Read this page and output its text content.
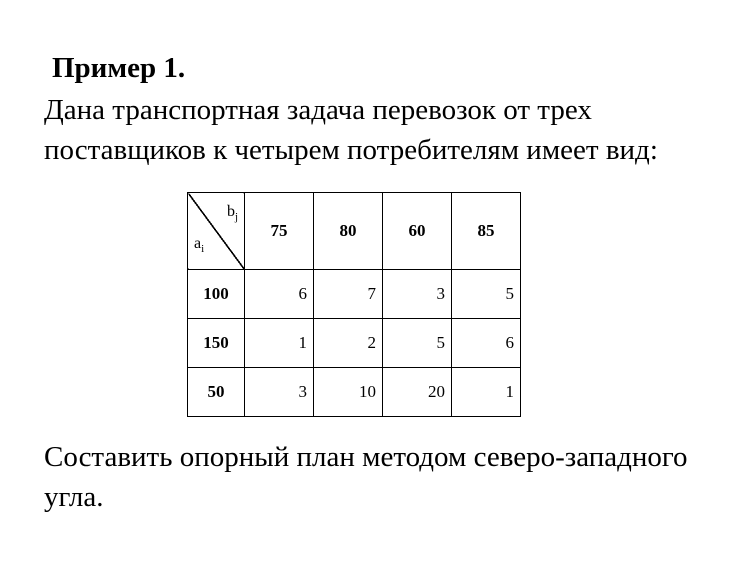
Пример 1.
Дана транспортная задача перевозок от трех поставщиков к четырем потребителям имеет вид:
$b_j$
$a_i$	75	80	60	85
100	6	7	3	5
150	1	2	5	6
50	3	10	20	1
Составить опорный план методом северо-западного угла.
